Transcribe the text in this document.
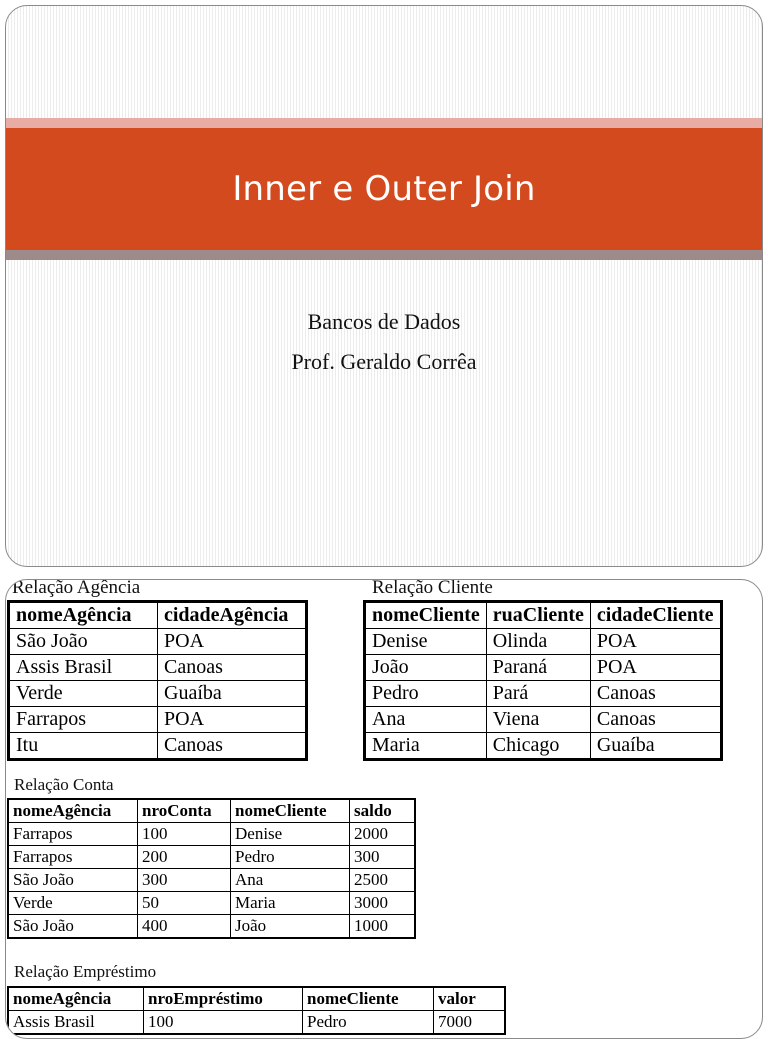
Inner e Outer Join
Bancos de Dados
Prof. Geraldo Corrêa
Relação Agência
nomeAgência	cidadeAgência
São João	POA
Assis Brasil	Canoas
Verde	Guaíba
Farrapos	POA
Itu	Canoas
Relação Cliente
nomeCliente	ruaCliente	cidadeCliente
Denise	Olinda	POA
João	Paraná	POA
Pedro	Pará	Canoas
Ana	Viena	Canoas
Maria	Chicago	Guaíba
Relação Conta
nomeAgência	nroConta	nomeCliente	saldo
Farrapos	100	Denise	2000
Farrapos	200	Pedro	300
São João	300	Ana	2500
Verde	50	Maria	3000
São João	400	João	1000
Relação Empréstimo
nomeAgência	nroEmpréstimo	nomeCliente	valor
Assis Brasil	100	Pedro	7000
